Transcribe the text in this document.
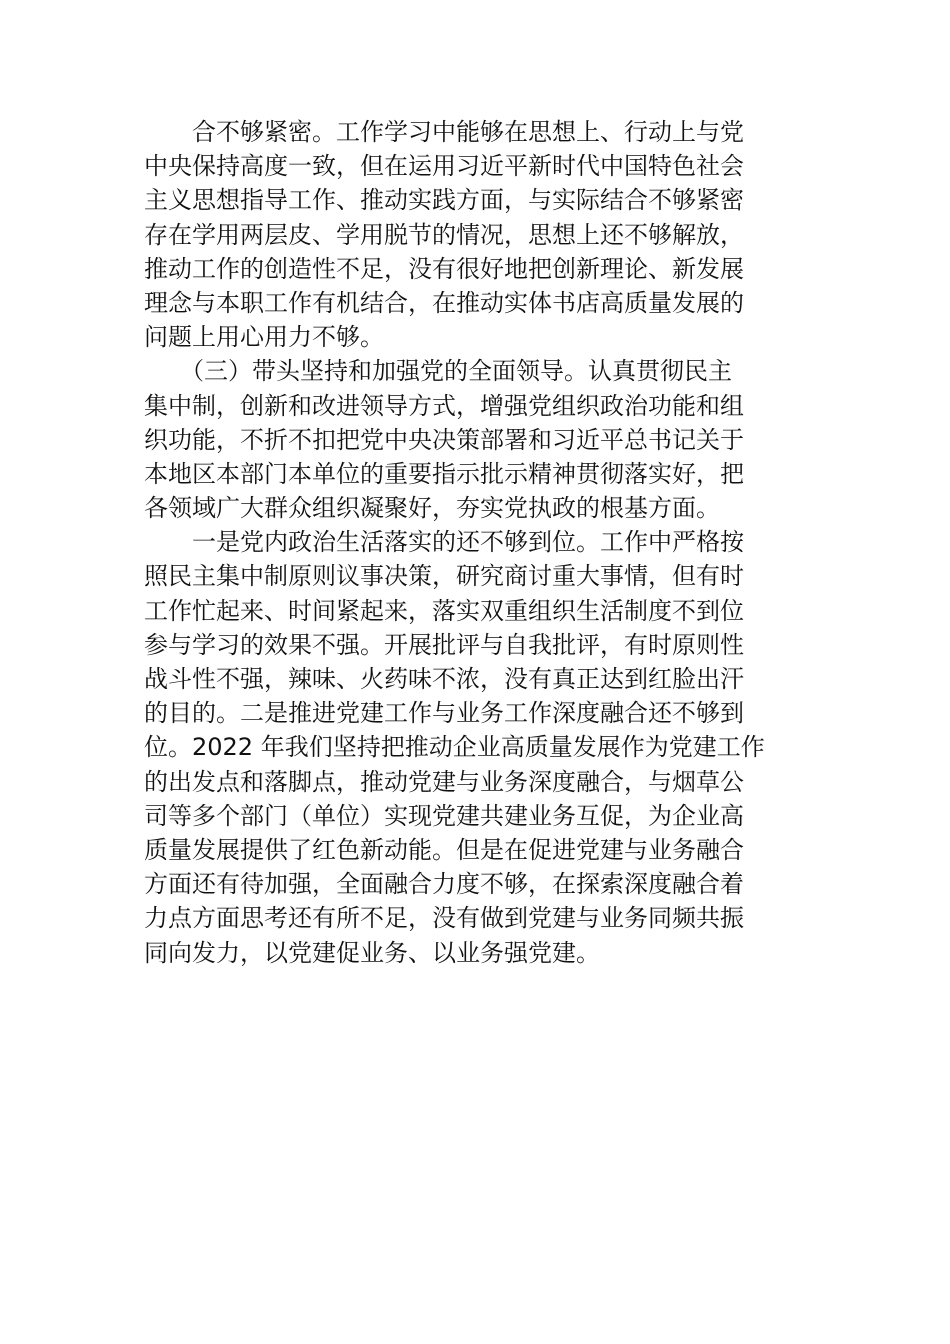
　　合不够紧密。工作学习中能够在思想上、行动上与党
中央保持高度一致，但在运用习近平新时代中国特色社会
主义思想指导工作、推动实践方面，与实际结合不够紧密
存在学用两层皮、学用脱节的情况，思想上还不够解放，
推动工作的创造性不足，没有很好地把创新理论、新发展
理念与本职工作有机结合，在推动实体书店高质量发展的
问题上用心用力不够。
　　（三）带头坚持和加强党的全面领导。认真贯彻民主
集中制，创新和改进领导方式，增强党组织政治功能和组
织功能，不折不扣把党中央决策部署和习近平总书记关于
本地区本部门本单位的重要指示批示精神贯彻落实好，把
各领域广大群众组织凝聚好，夯实党执政的根基方面。
　　一是党内政治生活落实的还不够到位。工作中严格按
照民主集中制原则议事决策，研究商讨重大事情，但有时
工作忙起来、时间紧起来，落实双重组织生活制度不到位
参与学习的效果不强。开展批评与自我批评，有时原则性
战斗性不强，辣味、火药味不浓，没有真正达到红脸出汗
的目的。二是推进党建工作与业务工作深度融合还不够到
位。2022 年我们坚持把推动企业高质量发展作为党建工作
的出发点和落脚点，推动党建与业务深度融合，与烟草公
司等多个部门（单位）实现党建共建业务互促，为企业高
质量发展提供了红色新动能。但是在促进党建与业务融合
方面还有待加强，全面融合力度不够，在探索深度融合着
力点方面思考还有所不足，没有做到党建与业务同频共振
同向发力，以党建促业务、以业务强党建。
